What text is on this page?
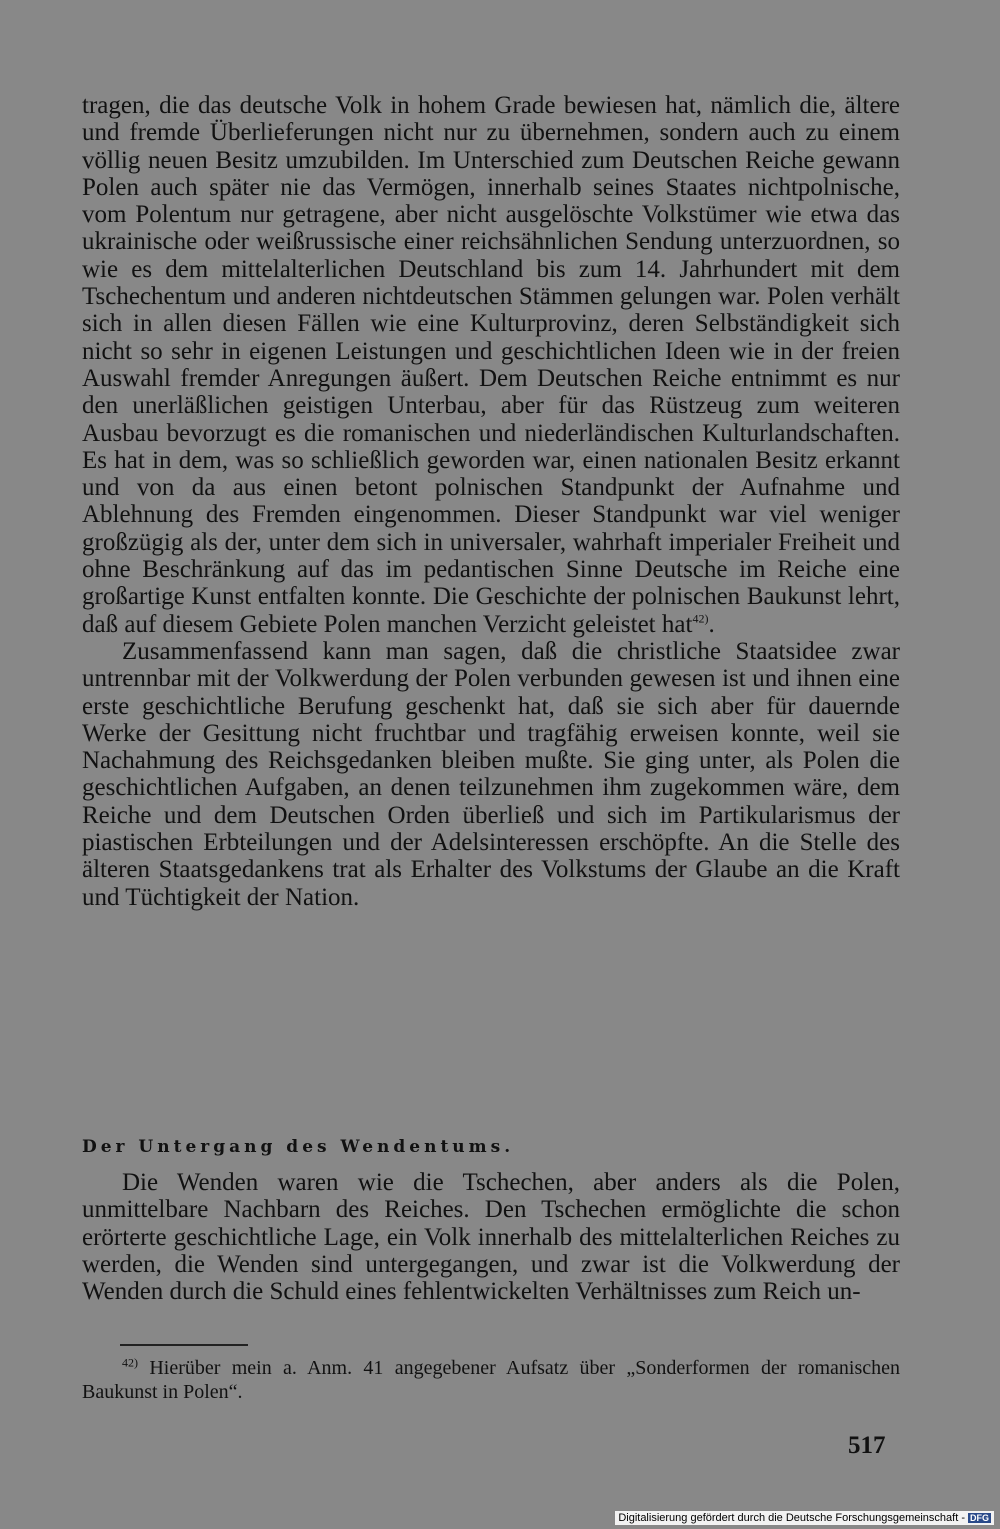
tragen, die das deutsche Volk in hohem Grade bewiesen hat, nämlich die, ältere und fremde Überlieferungen nicht nur zu übernehmen, sondern auch zu einem völlig neuen Besitz umzubilden. Im Unterschied zum Deutschen Reiche gewann Polen auch später nie das Vermögen, innerhalb seines Staates nichtpolnische, vom Polentum nur getragene, aber nicht ausgelöschte Volkstümer wie etwa das ukrainische oder weißrussische einer reichsähnlichen Sendung unterzuordnen, so wie es dem mittelalterlichen Deutschland bis zum 14. Jahrhundert mit dem Tschechentum und anderen nichtdeutschen Stämmen gelungen war. Polen verhält sich in allen diesen Fällen wie eine Kulturprovinz, deren Selbständigkeit sich nicht so sehr in eigenen Leistungen und geschichtlichen Ideen wie in der freien Auswahl fremder Anregungen äußert. Dem Deutschen Reiche entnimmt es nur den unerläßlichen geistigen Unterbau, aber für das Rüstzeug zum weiteren Ausbau bevorzugt es die romanischen und niederländischen Kulturlandschaften. Es hat in dem, was so schließlich geworden war, einen nationalen Besitz erkannt und von da aus einen betont polnischen Standpunkt der Aufnahme und Ablehnung des Fremden eingenommen. Dieser Standpunkt war viel weniger großzügig als der, unter dem sich in universaler, wahrhaft imperialer Freiheit und ohne Beschränkung auf das im pedantischen Sinne Deutsche im Reiche eine großartige Kunst entfalten konnte. Die Geschichte der polnischen Baukunst lehrt, daß auf diesem Gebiete Polen manchen Verzicht geleistet hat$^{42)}$.

Zusammenfassend kann man sagen, daß die christliche Staatsidee zwar untrennbar mit der Volkwerdung der Polen verbunden gewesen ist und ihnen eine erste geschichtliche Berufung geschenkt hat, daß sie sich aber für dauernde Werke der Gesittung nicht fruchtbar und tragfähig erweisen konnte, weil sie Nachahmung des Reichsgedanken bleiben mußte. Sie ging unter, als Polen die geschichtlichen Aufgaben, an denen teilzunehmen ihm zugekommen wäre, dem Reiche und dem Deutschen Orden überließ und sich im Partikularismus der piastischen Erbteilungen und der Adelsinteressen erschöpfte. An die Stelle des älteren Staatsgedankens trat als Erhalter des Volkstums der Glaube an die Kraft und Tüchtigkeit der Nation.

Der Untergang des Wendentums.

Die Wenden waren wie die Tschechen, aber anders als die Polen, unmittelbare Nachbarn des Reiches. Den Tschechen ermöglichte die schon erörterte geschichtliche Lage, ein Volk innerhalb des mittelalterlichen Reiches zu werden, die Wenden sind untergegangen, und zwar ist die Volkwerdung der Wenden durch die Schuld eines fehlentwickelten Verhältnisses zum Reich un-

$^{42)}$ Hierüber mein a. Anm. 41 angegebener Aufsatz über „Sonderformen der romanischen Baukunst in Polen“.
517
Digitalisierung gefördert durch die Deutsche Forschungsgemeinschaft - DFG
